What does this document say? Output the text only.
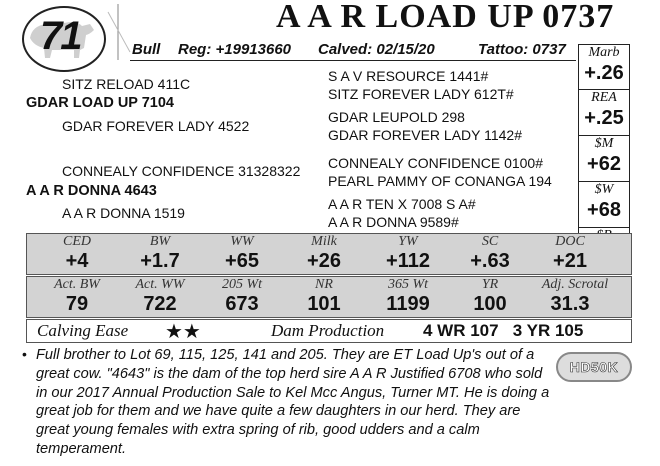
71	A A R LOAD UP 0737
Bull Reg: +19913660 Calved: 02/15/20	Tattoo: 0737
SITZ RELOAD 411C
GDAR LOAD UP 7104
GDAR FOREVER LADY 4522
CONNEALY CONFIDENCE 31328322
A A R DONNA 4643
A A R DONNA 1519
S A V RESOURCE 1441#
SITZ FOREVER LADY 612T#
GDAR LEUPOLD 298
GDAR FOREVER LADY 1142#
CONNEALY CONFIDENCE 0100#
PEARL PAMMY OF CONANGA 194
A A R TEN X 7008 S A#
A A R DONNA 9589#
Marb
+.26
REA
+.25
$M
+62
$W
+68
CED	BW	WW	Milk	YW	SC	DOC
+4	+1.7	+65	+26	+112	+.63	+21
Act. BW	Act. WW	205 Wt	NR	365 Wt	YR	Adj. Scrotal
79	722	673	101	1199	100	31.3
Calving Ease ★★	Dam Production 4 WR 107   3 YR 105
• Full brother to Lot 69, 115, 125, 141 and 205. They are ET Load Up's out of a great cow. "4643" is the dam of the top herd sire A A R Justified 6708 who sold in our 2017 Annual Production Sale to Kel Mcc Angus, Turner MT. He is doing a great job for them and we have quite a few daughters in our herd. They are great young females with extra spring of rib, good udders and a calm temperament.
HD50K
